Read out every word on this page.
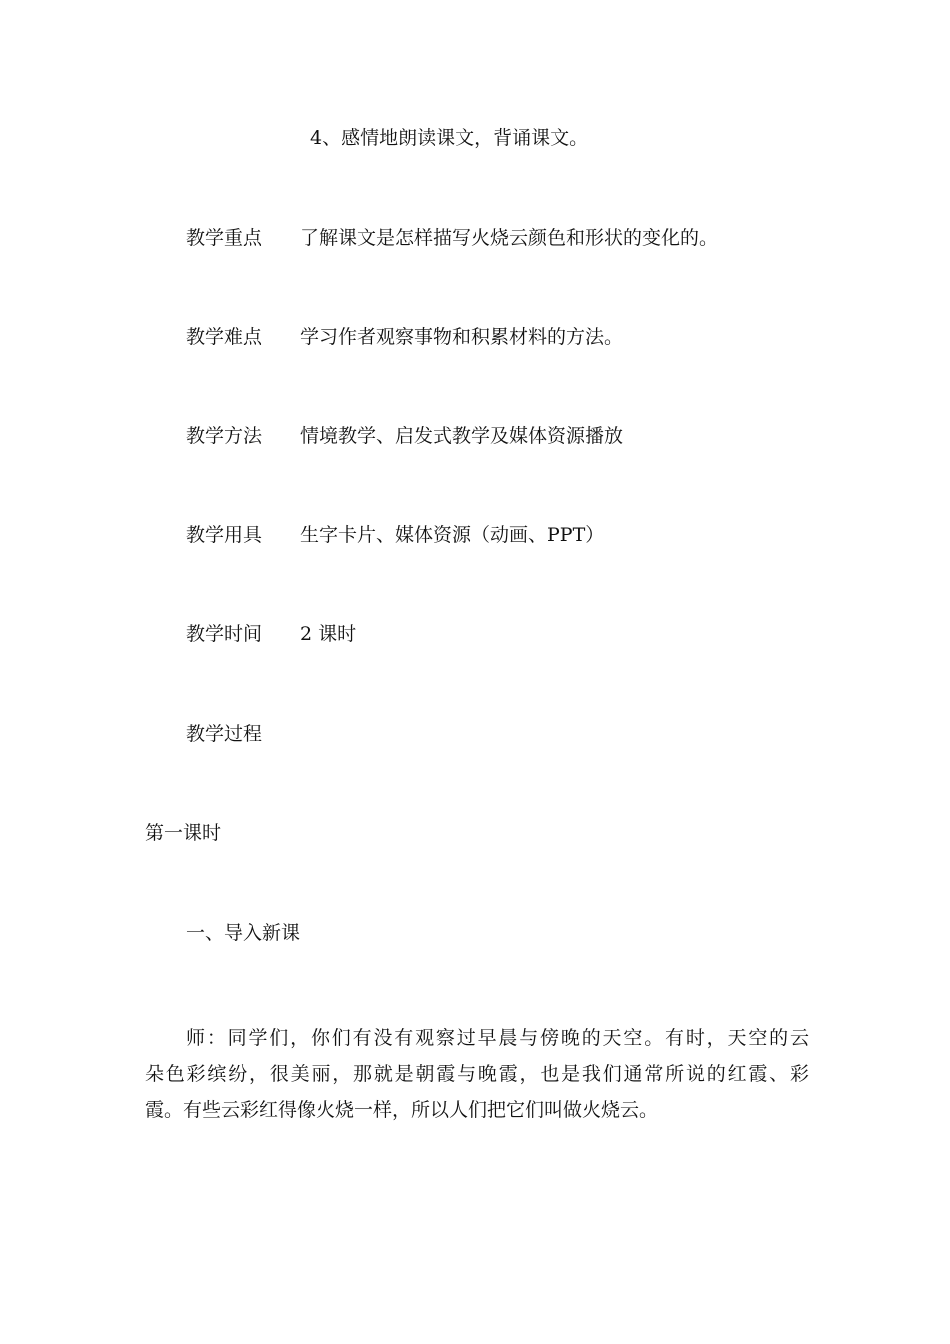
4、感情地朗读课文，背诵课文。
教学重点 了解课文是怎样描写火烧云颜色和形状的变化的。
教学难点 学习作者观察事物和积累材料的方法。
教学方法 情境教学、启发式教学及媒体资源播放
教学用具 生字卡片、媒体资源（动画、PPT）
教学时间 2 课时
教学过程
第一课时
一、导入新课
师：同学们，你们有没有观察过早晨与傍晚的天空。有时，天空的云
朵色彩缤纷，很美丽，那就是朝霞与晚霞，也是我们通常所说的红霞、彩
霞。有些云彩红得像火烧一样，所以人们把它们叫做火烧云。
